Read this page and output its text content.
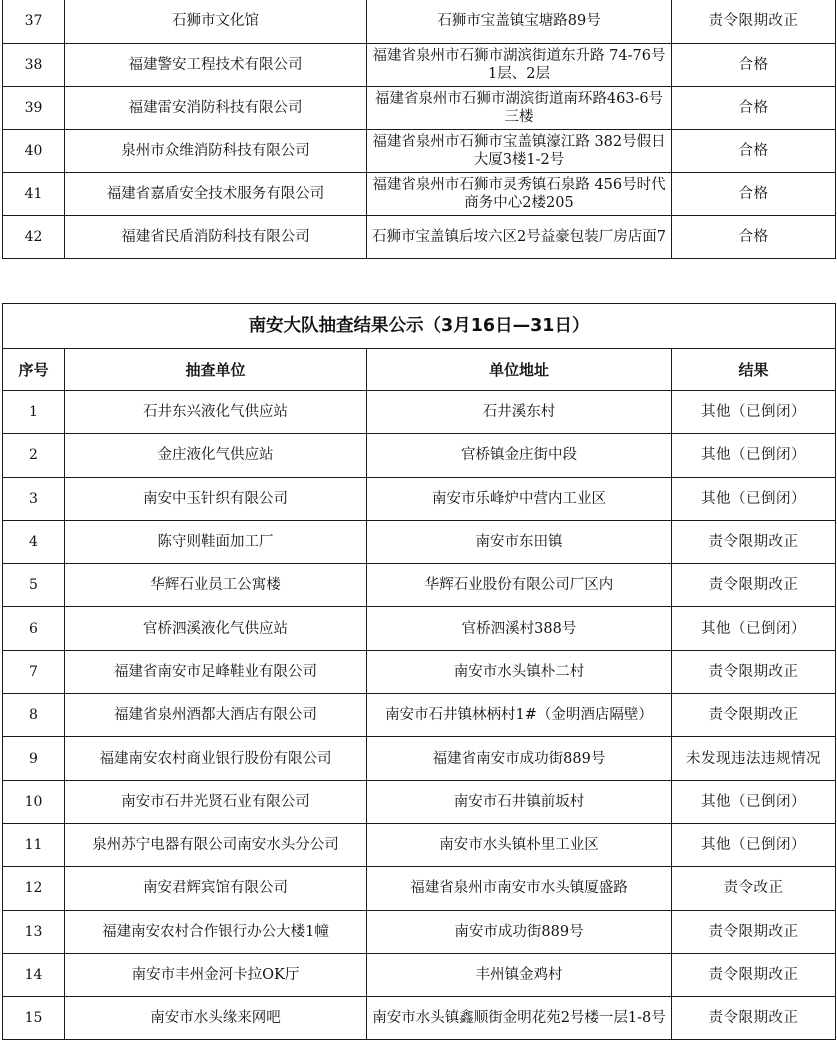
37	石狮市文化馆	石狮市宝盖镇宝塘路89号	责令限期改正
38	福建警安工程技术有限公司	福建省泉州市石狮市湖滨街道东升路 74-76号1层、2层	合格
39	福建雷安消防科技有限公司	福建省泉州市石狮市湖滨街道南环路463-6号三楼	合格
40	泉州市众维消防科技有限公司	福建省泉州市石狮市宝盖镇濠江路 382号假日大厦3楼1-2号	合格
41	福建省嘉盾安全技术服务有限公司	福建省泉州市石狮市灵秀镇石泉路 456号时代商务中心2楼205	合格
42	福建省民盾消防科技有限公司	石狮市宝盖镇后垵六区2号益豪包装厂房店面7	合格
南安大队抽查结果公示（3月16日—31日）			
序号	抽查单位	单位地址	结果
1	石井东兴液化气供应站	石井溪东村	其他（已倒闭）
2	金庄液化气供应站	官桥镇金庄街中段	其他（已倒闭）
3	南安中玉针织有限公司	南安市乐峰炉中营内工业区	其他（已倒闭）
4	陈守则鞋面加工厂	南安市东田镇	责令限期改正
5	华辉石业员工公寓楼	华辉石业股份有限公司厂区内	责令限期改正
6	官桥泗溪液化气供应站	官桥泗溪村388号	其他（已倒闭）
7	福建省南安市足峰鞋业有限公司	南安市水头镇朴二村	责令限期改正
8	福建省泉州酒都大酒店有限公司	南安市石井镇林柄村1#（金明酒店隔壁）	责令限期改正
9	福建南安农村商业银行股份有限公司	福建省南安市成功街889号	未发现违法违规情况
10	南安市石井光贤石业有限公司	南安市石井镇前坂村	其他（已倒闭）
11	泉州苏宁电器有限公司南安水头分公司	南安市水头镇朴里工业区	其他（已倒闭）
12	南安君辉宾馆有限公司	福建省泉州市南安市水头镇厦盛路	责令改正
13	福建南安农村合作银行办公大楼1幢	南安市成功街889号	责令限期改正
14	南安市丰州金河卡拉OK厅	丰州镇金鸡村	责令限期改正
15	南安市水头缘来网吧	南安市水头镇鑫顺街金明花苑2号楼一层1-8号	责令限期改正
